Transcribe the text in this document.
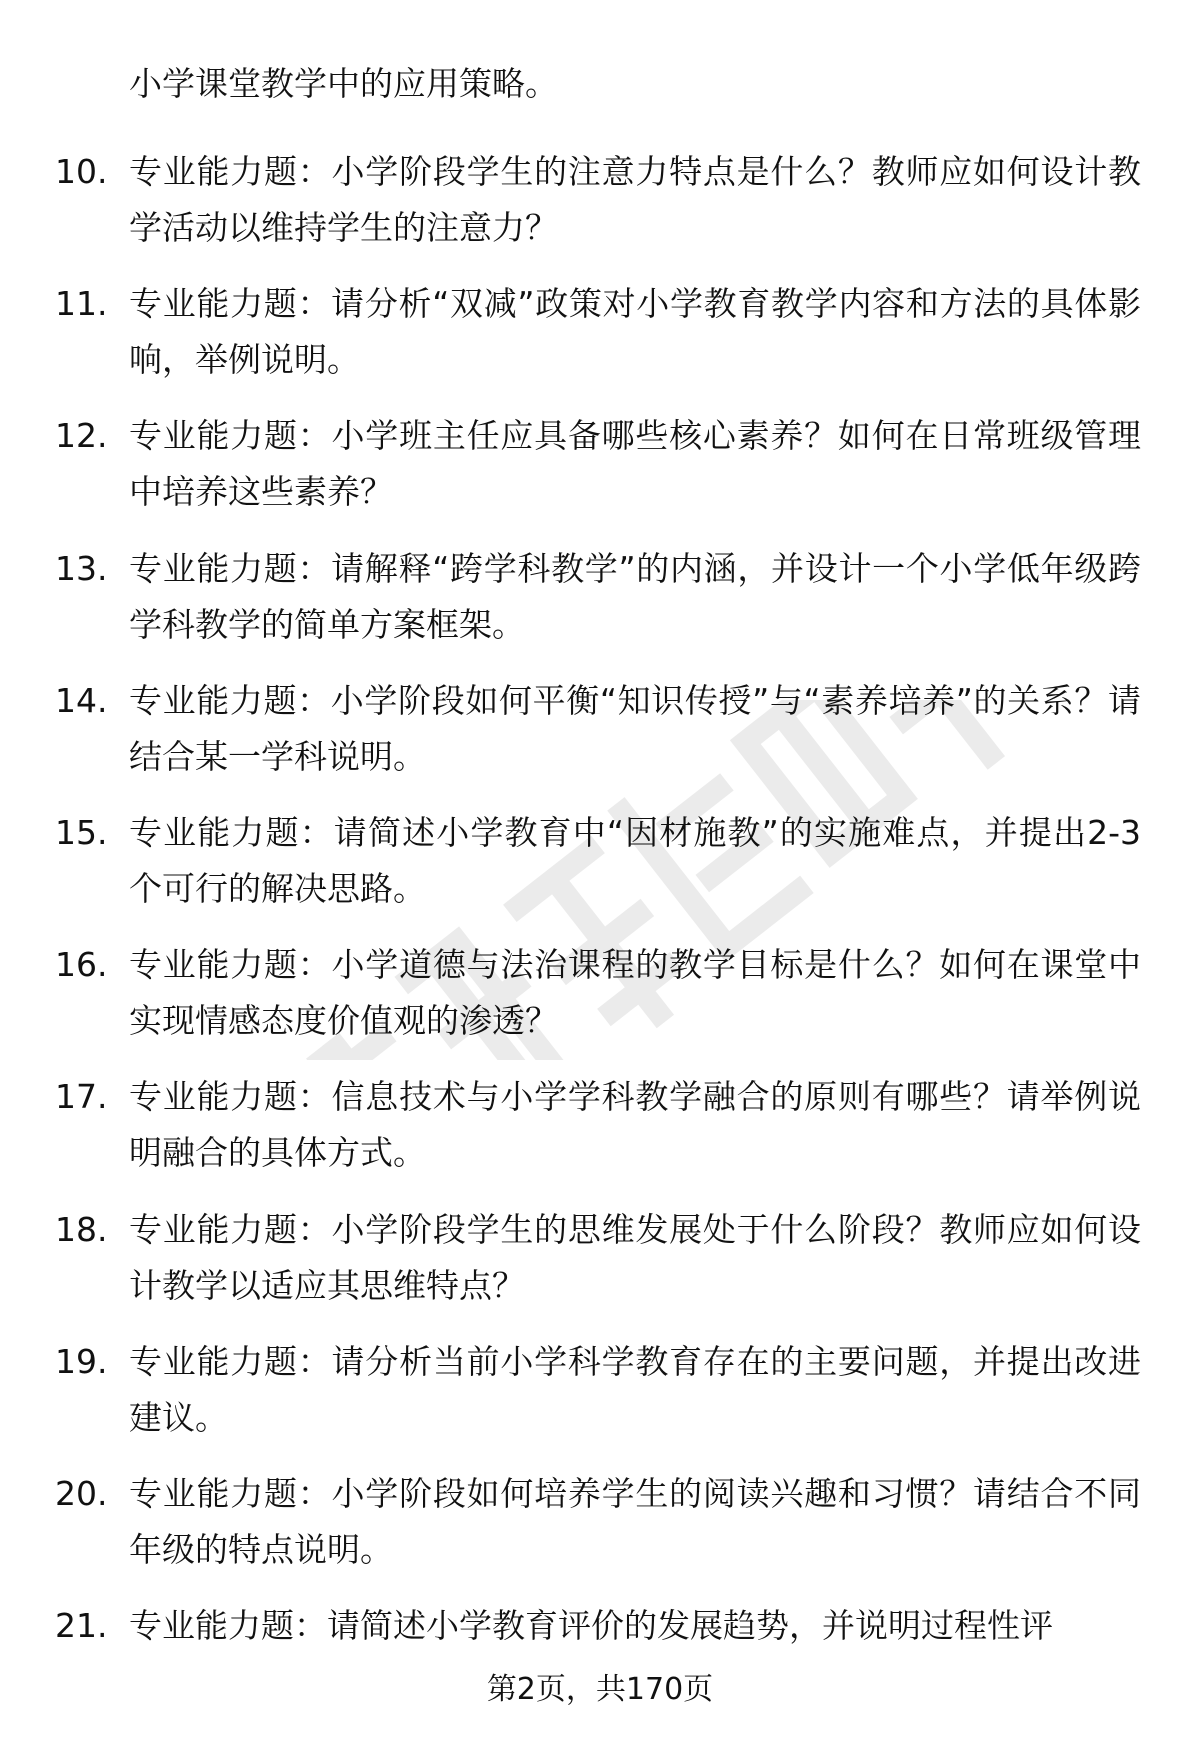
小学课堂教学中的应用策略。

10. 专业能力题：小学阶段学生的注意力特点是什么？教师应如何设计教学活动以维持学生的注意力？
11. 专业能力题：请分析“双减”政策对小学教育教学内容和方法的具体影响，举例说明。
12. 专业能力题：小学班主任应具备哪些核心素养？如何在日常班级管理中培养这些素养？
13. 专业能力题：请解释“跨学科教学”的内涵，并设计一个小学低年级跨学科教学的简单方案框架。
14. 专业能力题：小学阶段如何平衡“知识传授”与“素养培养”的关系？请结合某一学科说明。
15. 专业能力题：请简述小学教育中“因材施教”的实施难点，并提出2-3个可行的解决思路。
16. 专业能力题：小学道德与法治课程的教学目标是什么？如何在课堂中实现情感态度价值观的渗透？
17. 专业能力题：信息技术与小学学科教学融合的原则有哪些？请举例说明融合的具体方式。
18. 专业能力题：小学阶段学生的思维发展处于什么阶段？教师应如何设计教学以适应其思维特点？
19. 专业能力题：请分析当前小学科学教育存在的主要问题，并提出改进建议。
20. 专业能力题：小学阶段如何培养学生的阅读兴趣和习惯？请结合不同年级的特点说明。
21. 专业能力题：请简述小学教育评价的发展趋势，并说明过程性评
第2页，共170页
